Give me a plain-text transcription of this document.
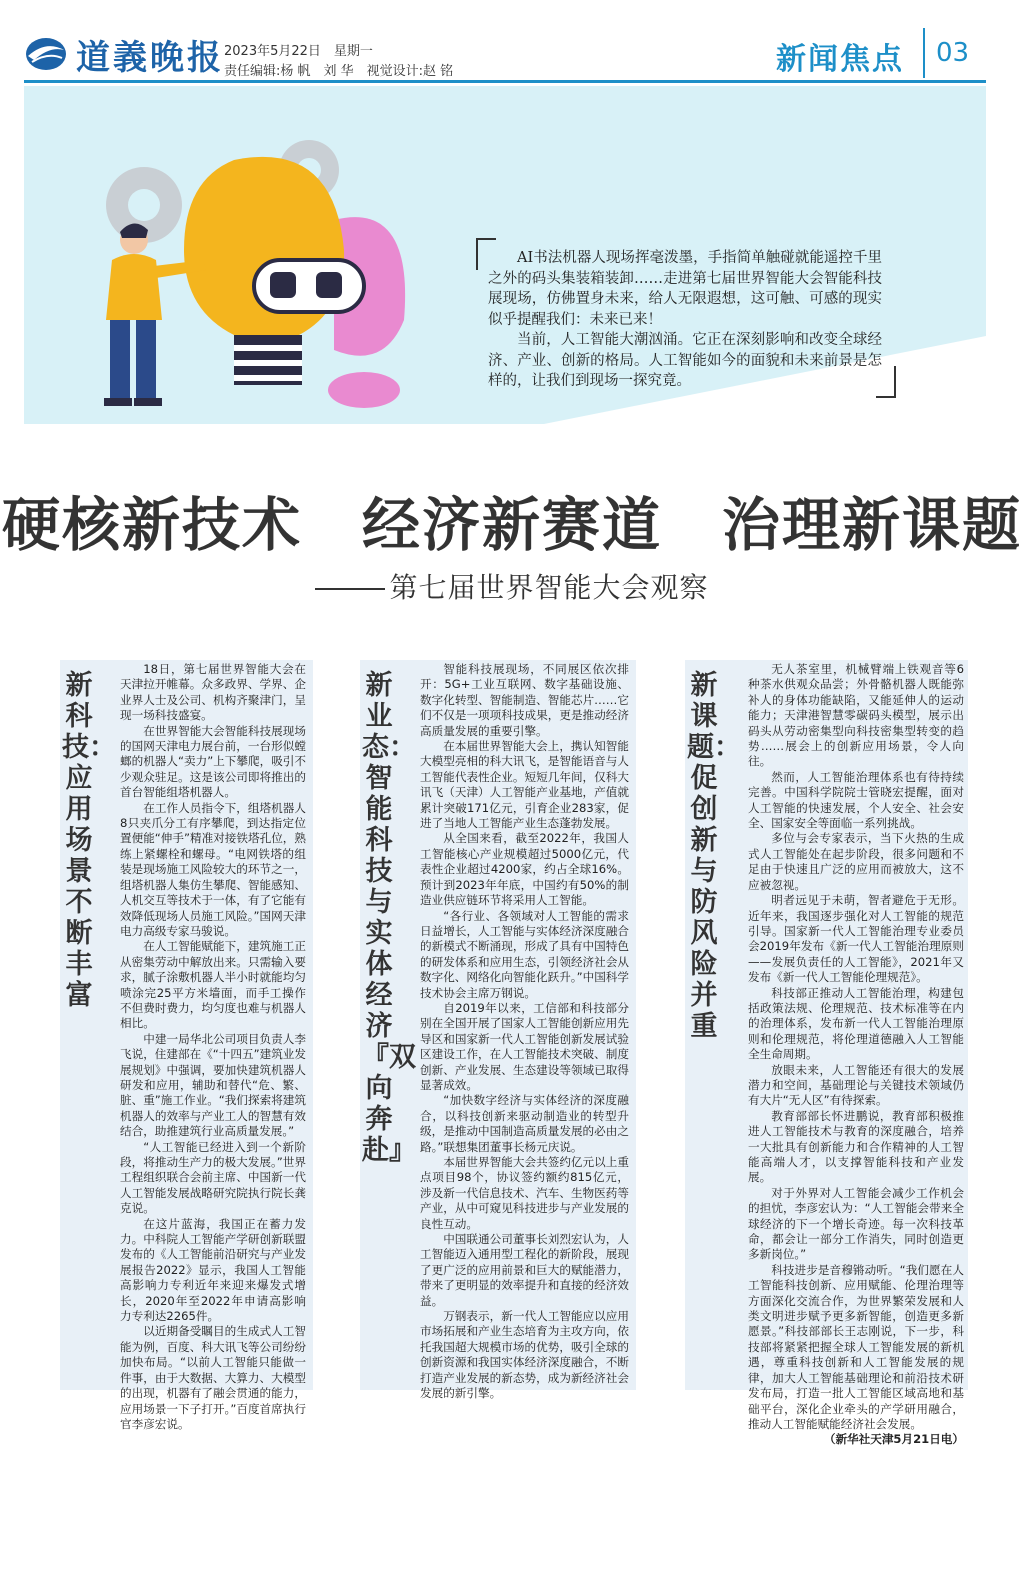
道義晚报 2023年5月22日　星期一
责任编辑:杨 帆　刘 华　视觉设计:赵 铭	新闻焦点 03

AI书法机器人现场挥毫泼墨，手指简单触碰就能遥控千里之外的码头集装箱装卸……走进第七届世界智能大会智能科技展现场，仿佛置身未来，给人无限遐想，这可触、可感的现实似乎提醒我们：未来已来！

当前，人工智能大潮汹涌。它正在深刻影响和改变全球经济、产业、创新的格局。人工智能如今的面貌和未来前景是怎样的，让我们到现场一探究竟。

硬核新技术　经济新赛道　治理新课题
第七届世界智能大会观察
新科技：应用场景不断丰富

18日，第七届世界智能大会在天津拉开帷幕。众多政界、学界、企业界人士及公司、机构齐聚津门，呈现一场科技盛宴。

在世界智能大会智能科技展现场的国网天津电力展台前，一台形似螳螂的机器人“卖力”上下攀爬，吸引不少观众驻足。这是该公司即将推出的首台智能组塔机器人。

在工作人员指令下，组塔机器人8只夹爪分工有序攀爬，到达指定位置便能“伸手”精准对接铁塔孔位，熟练上紧螺栓和螺母。“电网铁塔的组装是现场施工风险较大的环节之一，组塔机器人集仿生攀爬、智能感知、人机交互等技术于一体，有了它能有效降低现场人员施工风险。”国网天津电力高级专家马骏说。

在人工智能赋能下，建筑施工正从密集劳动中解放出来。只需输入要求，腻子涂敷机器人半小时就能均匀喷涂完25平方米墙面，而手工操作不但费时费力，均匀度也难与机器人相比。

中建一局华北公司项目负责人李飞说，住建部在《“十四五”建筑业发展规划》中强调，要加快建筑机器人研发和应用，辅助和替代“危、繁、脏、重”施工作业。“我们探索将建筑机器人的效率与产业工人的智慧有效结合，助推建筑行业高质量发展。”

“人工智能已经进入到一个新阶段，将推动生产力的极大发展。”世界工程组织联合会前主席、中国新一代人工智能发展战略研究院执行院长龚克说。

在这片蓝海，我国正在蓄力发力。中科院人工智能产学研创新联盟发布的《人工智能前沿研究与产业发展报告2022》显示，我国人工智能高影响力专利近年来迎来爆发式增长，2020年至2022年申请高影响力专利达2265件。

以近期备受瞩目的生成式人工智能为例，百度、科大讯飞等公司纷纷加快布局。“以前人工智能只能做一件事，由于大数据、大算力、大模型的出现，机器有了融会贯通的能力，应用场景一下子打开。”百度首席执行官李彦宏说。

新业态：智能科技与实体经济『双向奔赴』

智能科技展现场，不同展区依次排开：5G+工业互联网、数字基础设施、数字化转型、智能制造、智能芯片……它们不仅是一项项科技成果，更是推动经济高质量发展的重要引擎。

在本届世界智能大会上，携认知智能大模型亮相的科大讯飞，是智能语音与人工智能代表性企业。短短几年间，仅科大讯飞（天津）人工智能产业基地，产值就累计突破171亿元，引育企业283家，促进了当地人工智能产业生态蓬勃发展。

从全国来看，截至2022年，我国人工智能核心产业规模超过5000亿元，代表性企业超过4200家，约占全球16%。预计到2023年年底，中国约有50%的制造业供应链环节将采用人工智能。

“各行业、各领域对人工智能的需求日益增长，人工智能与实体经济深度融合的新模式不断涌现，形成了具有中国特色的研发体系和应用生态，引领经济社会从数字化、网络化向智能化跃升。”中国科学技术协会主席万钢说。

自2019年以来，工信部和科技部分别在全国开展了国家人工智能创新应用先导区和国家新一代人工智能创新发展试验区建设工作，在人工智能技术突破、制度创新、产业发展、生态建设等领域已取得显著成效。

“加快数字经济与实体经济的深度融合，以科技创新来驱动制造业的转型升级，是推动中国制造高质量发展的必由之路。”联想集团董事长杨元庆说。

本届世界智能大会共签约亿元以上重点项目98个，协议签约额约815亿元，涉及新一代信息技术、汽车、生物医药等产业，从中可窥见科技进步与产业发展的良性互动。

中国联通公司董事长刘烈宏认为，人工智能迈入通用型工程化的新阶段，展现了更广泛的应用前景和巨大的赋能潜力，带来了更明显的效率提升和直接的经济效益。

万钢表示，新一代人工智能应以应用市场拓展和产业生态培育为主攻方向，依托我国超大规模市场的优势，吸引全球的创新资源和我国实体经济深度融合，不断打造产业发展的新态势，成为新经济社会发展的新引擎。

新课题：促创新与防风险并重

无人茶室里，机械臂端上铁观音等6种茶水供观众品尝；外骨骼机器人既能弥补人的身体功能缺陷，又能延伸人的运动能力；天津港智慧零碳码头模型，展示出码头从劳动密集型向科技密集型转变的趋势……展会上的创新应用场景，令人向往。

然而，人工智能治理体系也有待持续完善。中国科学院院士管晓宏提醒，面对人工智能的快速发展，个人安全、社会安全、国家安全等面临一系列挑战。

多位与会专家表示，当下火热的生成式人工智能处在起步阶段，很多问题和不足由于快速且广泛的应用而被放大，这不应被忽视。

明者远见于未萌，智者避危于无形。近年来，我国逐步强化对人工智能的规范引导。国家新一代人工智能治理专业委员会2019年发布《新一代人工智能治理原则——发展负责任的人工智能》，2021年又发布《新一代人工智能伦理规范》。

科技部正推动人工智能治理，构建包括政策法规、伦理规范、技术标准等在内的治理体系，发布新一代人工智能治理原则和伦理规范，将伦理道德融入人工智能全生命周期。

放眼未来，人工智能还有很大的发展潜力和空间，基础理论与关键技术领域仍有大片“无人区”有待探索。

教育部部长怀进鹏说，教育部积极推进人工智能技术与教育的深度融合，培养一大批具有创新能力和合作精神的人工智能高端人才，以支撑智能科技和产业发展。

对于外界对人工智能会减少工作机会的担忧，李彦宏认为：“人工智能会带来全球经济的下一个增长奇迹。每一次科技革命，都会让一部分工作消失，同时创造更多新岗位。”

科技进步是音穆锵动听。“我们愿在人工智能科技创新、应用赋能、伦理治理等方面深化交流合作，为世界繁荣发展和人类文明进步赋予更多新智能，创造更多新愿景。”科技部部长王志刚说，下一步，科技部将紧紧把握全球人工智能发展的新机遇，尊重科技创新和人工智能发展的规律，加大人工智能基础理论和前沿技术研发布局，打造一批人工智能区域高地和基础平台，深化企业牵头的产学研用融合，推动人工智能赋能经济社会发展。

（新华社天津5月21日电）
